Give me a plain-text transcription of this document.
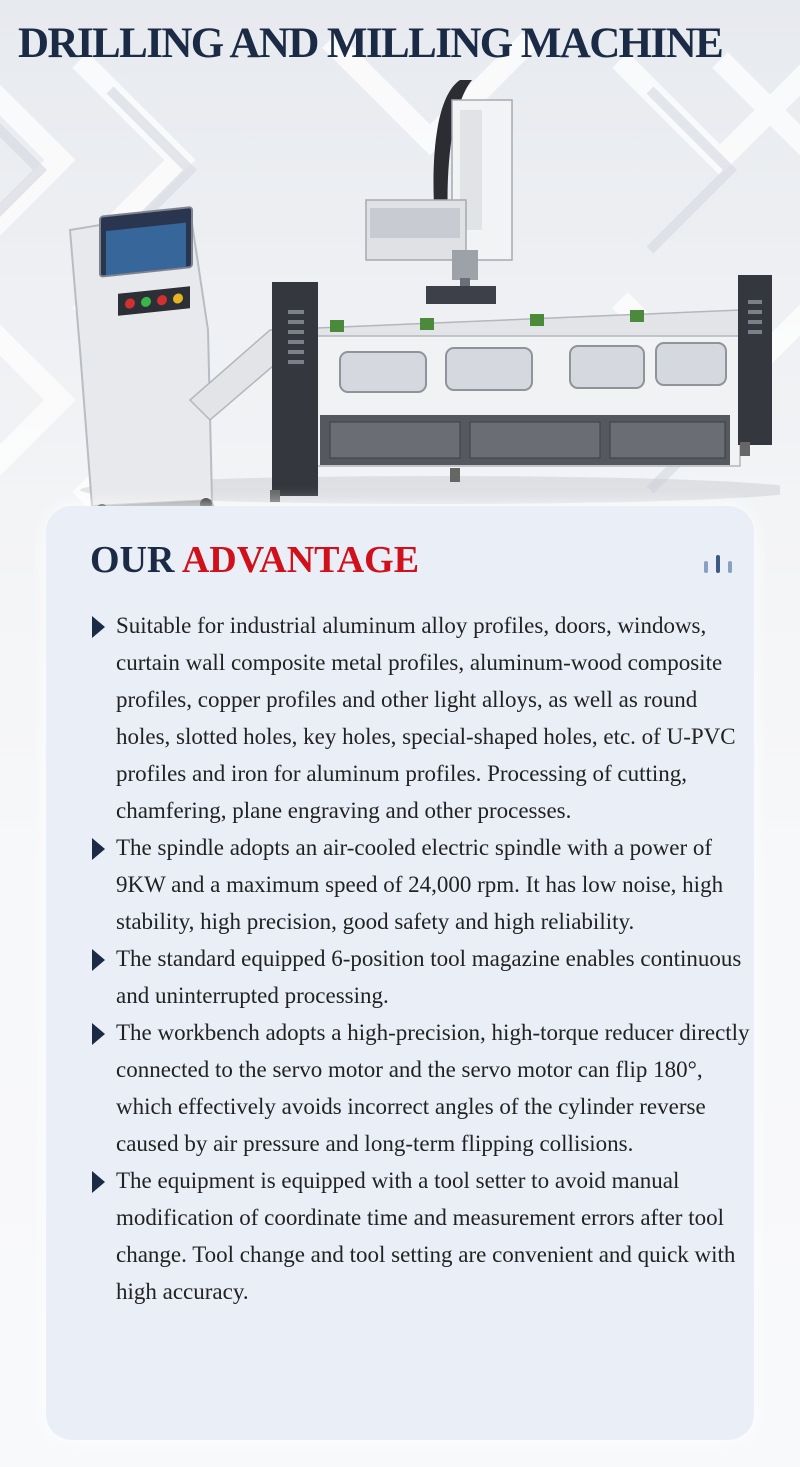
DRILLING AND MILLING MACHINE
OUR ADVANTAGE
Suitable for industrial aluminum alloy profiles, doors, windows, curtain wall composite metal profiles, aluminum-wood composite profiles, copper profiles and other light alloys, as well as round holes, slotted holes, key holes, special-shaped holes, etc. of U-PVC profiles and iron for aluminum profiles. Processing of cutting, chamfering, plane engraving and other processes.
The spindle adopts an air-cooled electric spindle with a power of 9KW and a maximum speed of 24,000 rpm. It has low noise, high stability, high precision, good safety and high reliability.
The standard equipped 6-position tool magazine enables continuous and uninterrupted processing.
The workbench adopts a high-precision, high-torque reducer directly connected to the servo motor and the servo motor can flip 180°, which effectively avoids incorrect angles of the cylinder reverse caused by air pressure and long-term flipping collisions.
The equipment is equipped with a tool setter to avoid manual modification of coordinate time and measurement errors after tool change. Tool change and tool setting are convenient and quick with high accuracy.
